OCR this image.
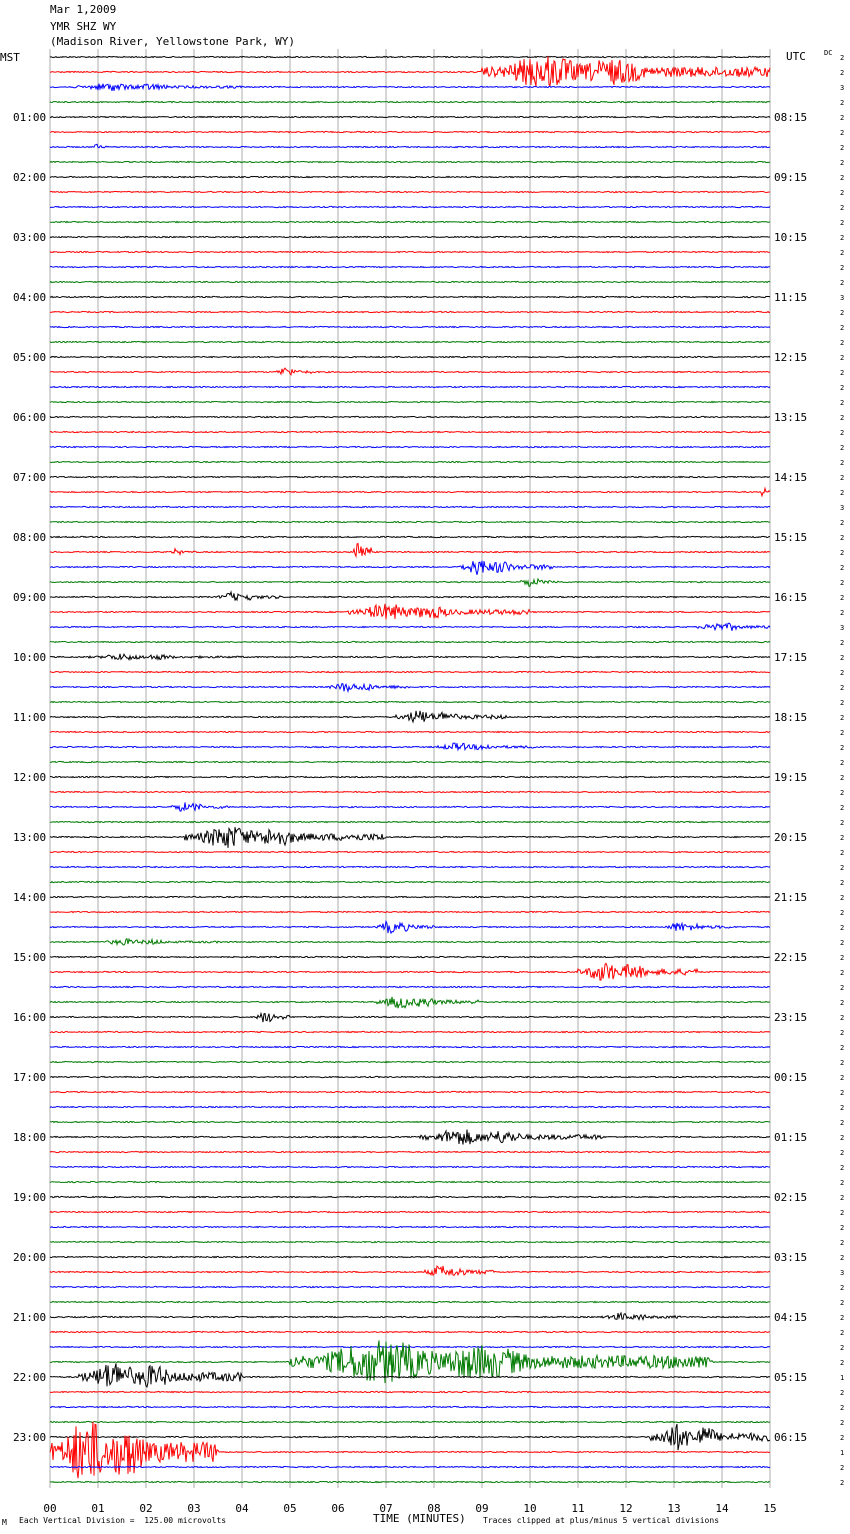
00	01	02	03	04	05	06	07	08	09	10	11	12	13	14	15
MST
01:00
02:00
03:00
04:00
05:00
06:00
07:00
08:00
09:00
10:00
11:00
12:00
13:00
14:00
15:00
16:00
17:00
18:00
19:00
20:00
21:00
22:00
23:00
08:15
09:15
10:15
11:15
12:15
13:15
14:15
15:15
16:15
17:15
18:15
19:15
20:15
21:15
22:15
23:15
00:15
01:15
02:15
03:15
04:15
05:15
06:15
2
2
3
2
2
2
2
2
2
2
2
2
2
2
2
2
3
2
2
2
2
2
2
2
2
2
2
2
2
2
3
2
2
2
2
2
2
2
3
2
2
2
2
2
2
2
2
2
2
2
2
2
2
2
2
2
2
2
2
2
2
2
2
2
2
2
2
2
2
2
2
2
2
2
2
2
2
2
2
2
2
3
2
2
2
2
2
2
1
2
2
2
2
1
2
2
Mar 1,2009
YMR SHZ WY
(Madison River, Yellowstone Park, WY)
UTC	DC
TIME (MINUTES)
Each Vertical Division =  125.00 microvolts	Traces clipped at plus/minus 5 vertical divisions
M
